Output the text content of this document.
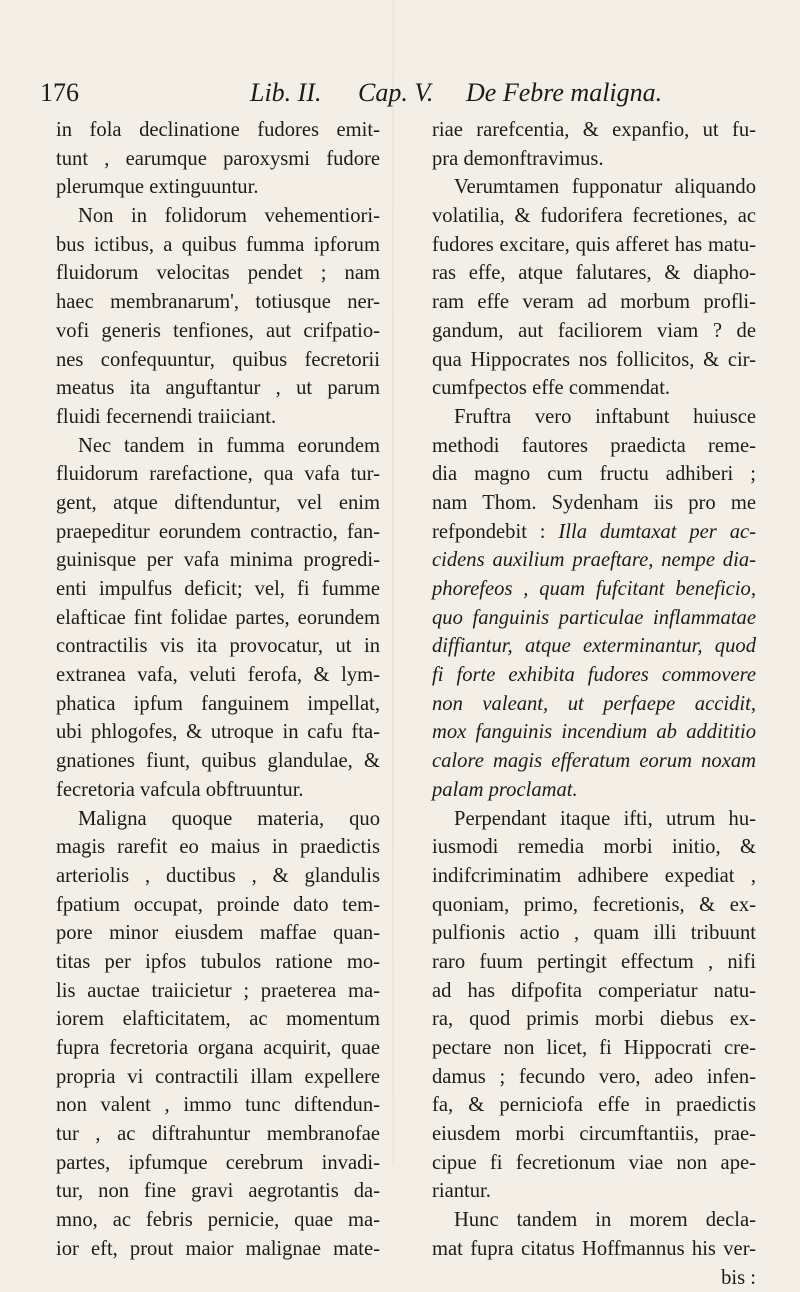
176	Lib. II. Cap. V. De Febre maligna.
in fola declinatione fudores emit-
tunt , earumque paroxysmi fudore
plerumque extinguuntur.
Non in folidorum vehementiori-
bus ictibus, a quibus fumma ipforum
fluidorum velocitas pendet ; nam
haec membranarum', totiusque ner-
vofi generis tenfiones, aut crifpatio-
nes confequuntur, quibus fecretorii
meatus ita anguftantur , ut parum
fluidi fecernendi traiiciant.
Nec tandem in fumma eorundem
fluidorum rarefactione, qua vafa tur-
gent, atque diftenduntur, vel enim
praepeditur eorundem contractio, fan-
guinisque per vafa minima progredi-
enti impulfus deficit; vel, fi fumme
elafticae fint folidae partes, eorundem
contractilis vis ita provocatur, ut in
extranea vafa, veluti ferofa, & lym-
phatica ipfum fanguinem impellat,
ubi phlogofes, & utroque in cafu fta-
gnationes fiunt, quibus glandulae, &
fecretoria vafcula obftruuntur.
Maligna quoque materia, quo
magis rarefit eo maius in praedictis
arteriolis , ductibus , & glandulis
fpatium occupat, proinde dato tem-
pore minor eiusdem maffae quan-
titas per ipfos tubulos ratione mo-
lis auctae traiicietur ; praeterea ma-
iorem elafticitatem, ac momentum
fupra fecretoria organa acquirit, quae
propria vi contractili illam expellere
non valent , immo tunc diftendun-
tur , ac diftrahuntur membranofae
partes, ipfumque cerebrum invadi-
tur, non fine gravi aegrotantis da-
mno, ac febris pernicie, quae ma-
ior eft, prout maior malignae mate-
riae rarefcentia, & expanfio, ut fu-
pra demonftravimus.
Verumtamen fupponatur aliquando
volatilia, & fudorifera fecretiones, ac
fudores excitare, quis afferet has matu-
ras effe, atque falutares, & diapho-
ram effe veram ad morbum profli-
gandum, aut faciliorem viam ? de
qua Hippocrates nos follicitos, & cir-
cumfpectos effe commendat.
Fruftra vero inftabunt huiusce
methodi fautores praedicta reme-
dia magno cum fructu adhiberi ;
nam Thom. Sydenham iis pro me
refpondebit : Illa dumtaxat per ac-
cidens auxilium praeftare, nempe dia-
phorefeos , quam fufcitant beneficio,
quo fanguinis particulae inflammatae
diffiantur, atque exterminantur, quod
fi forte exhibita fudores commovere
non valeant, ut perfaepe accidit,
mox fanguinis incendium ab addititio
calore magis efferatum eorum noxam
palam proclamat.
Perpendant itaque ifti, utrum hu-
iusmodi remedia morbi initio, &
indifcriminatim adhibere expediat ,
quoniam, primo, fecretionis, & ex-
pulfionis actio , quam illi tribuunt
raro fuum pertingit effectum , nifi
ad has difpofita comperiatur natu-
ra, quod primis morbi diebus ex-
pectare non licet, fi Hippocrati cre-
damus ; fecundo vero, adeo infen-
fa, & perniciofa effe in praedictis
eiusdem morbi circumftantiis, prae-
cipue fi fecretionum viae non ape-
riantur.
Hunc tandem in morem decla-
mat fupra citatus Hoffmannus his ver-
bis :
